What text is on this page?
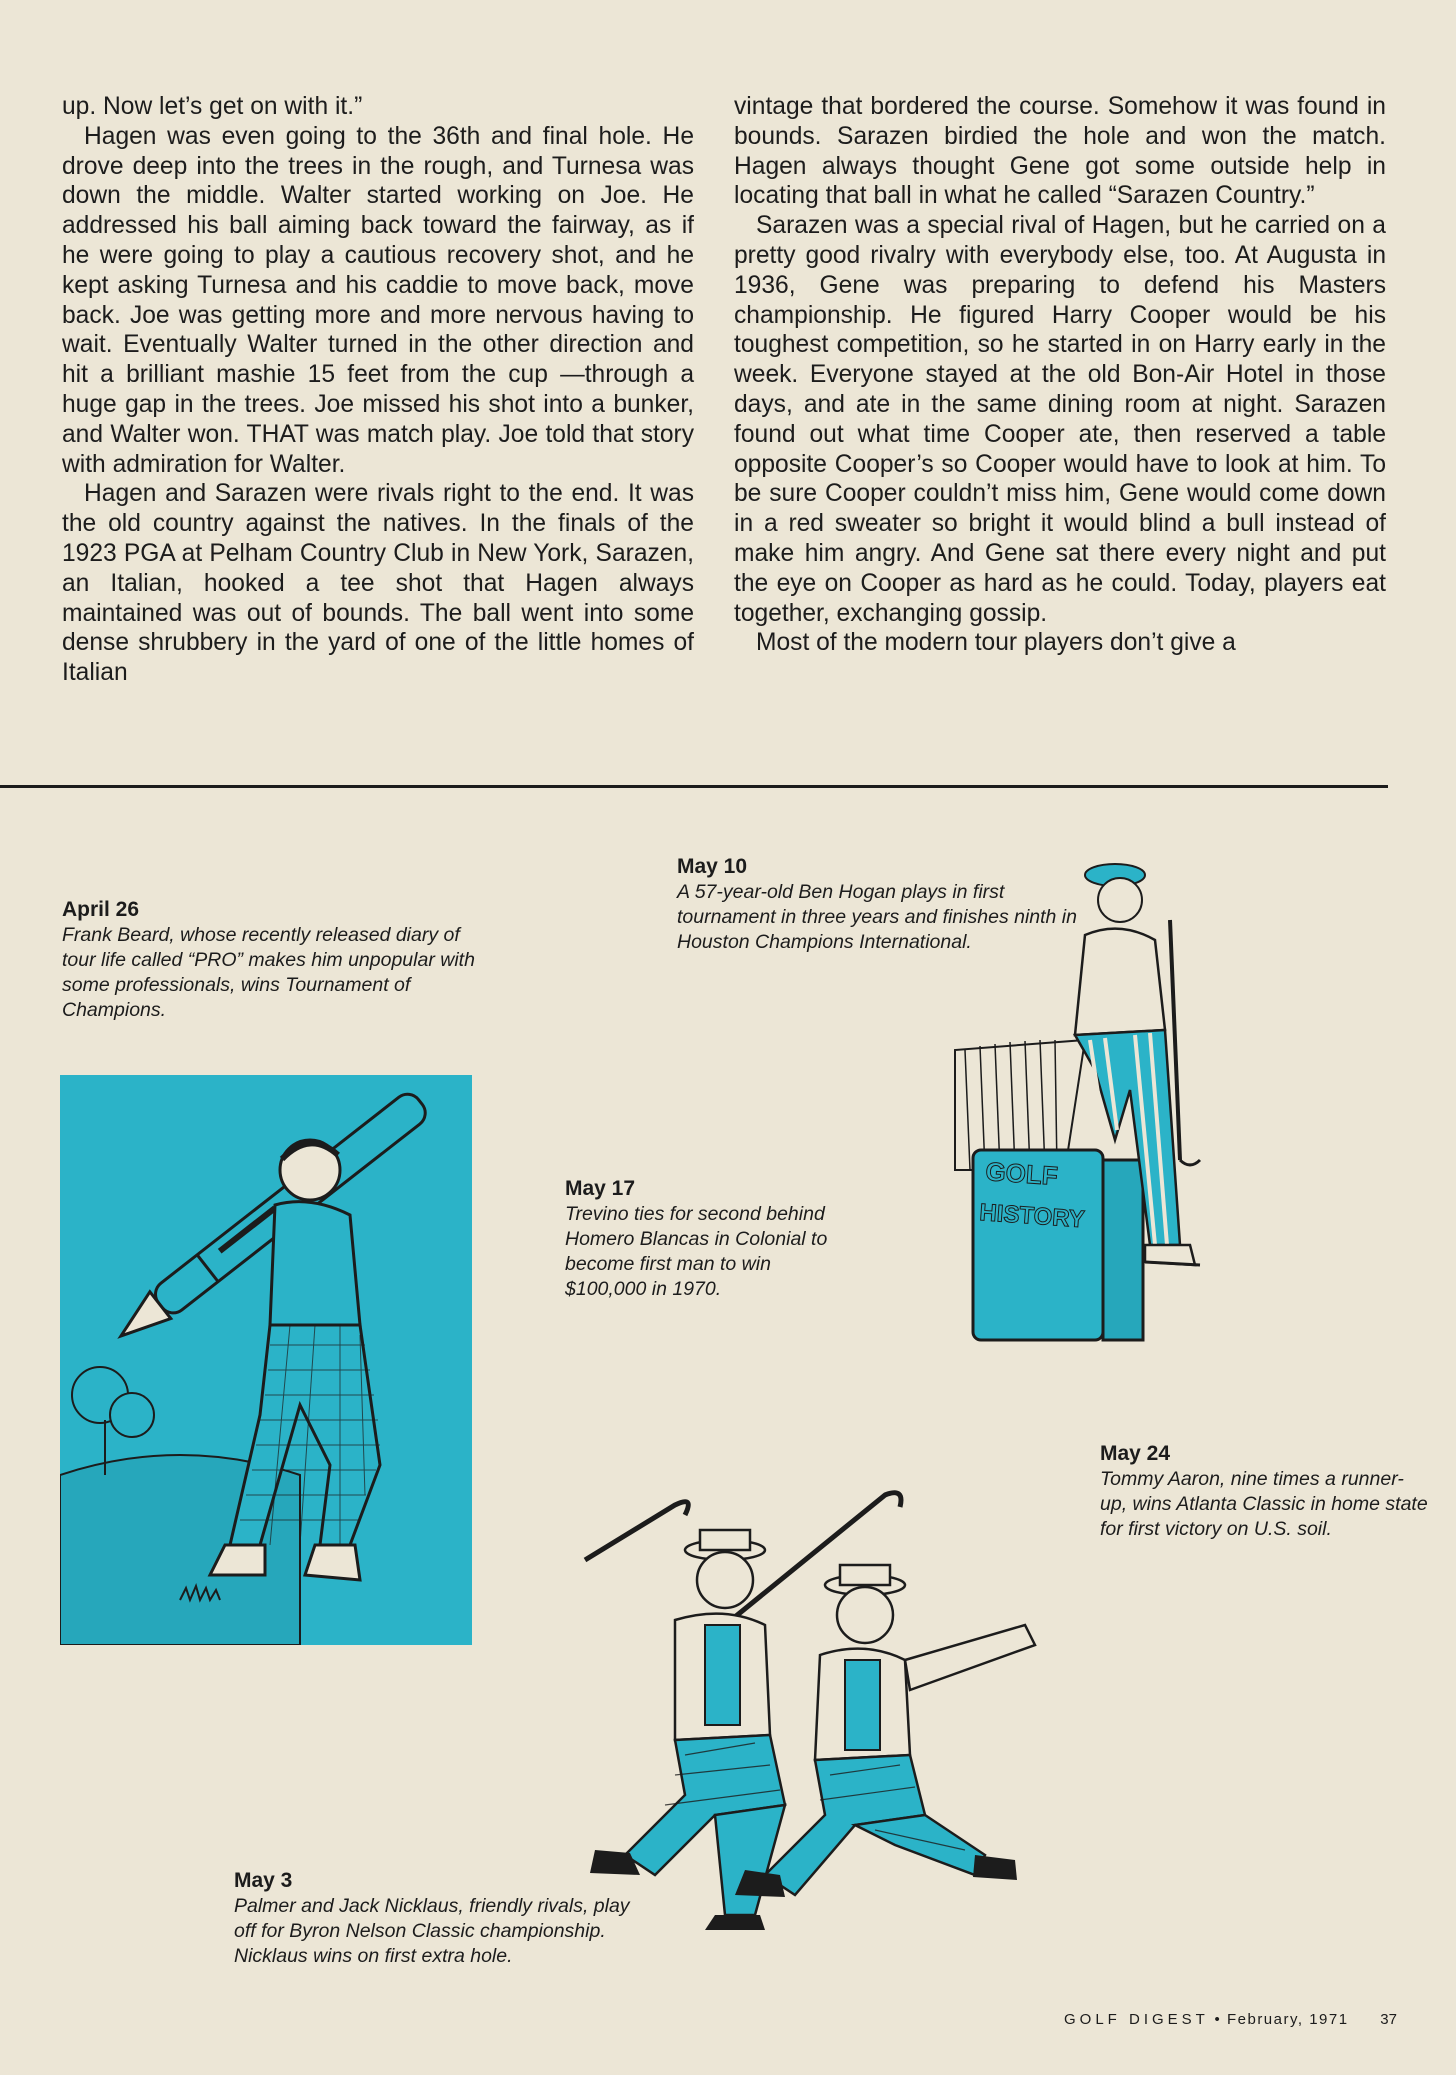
up. Now let’s get on with it.”

Hagen was even going to the 36th and final hole. He drove deep into the trees in the rough, and Turnesa was down the middle. Walter started working on Joe. He addressed his ball aiming back toward the fairway, as if he were going to play a cautious recovery shot, and he kept asking Turnesa and his caddie to move back, move back. Joe was getting more and more nervous having to wait. Eventually Walter turned in the other direction and hit a brilliant mashie 15 feet from the cup —through a huge gap in the trees. Joe missed his shot into a bunker, and Walter won. THAT was match play. Joe told that story with admiration for Walter.

Hagen and Sarazen were rivals right to the end. It was the old country against the natives. In the finals of the 1923 PGA at Pelham Country Club in New York, Sarazen, an Italian, hooked a tee shot that Hagen always maintained was out of bounds. The ball went into some dense shrubbery in the yard of one of the little homes of Italian

vintage that bordered the course. Somehow it was found in bounds. Sarazen birdied the hole and won the match. Hagen always thought Gene got some outside help in locating that ball in what he called “Sarazen Country.”

Sarazen was a special rival of Hagen, but he carried on a pretty good rivalry with everybody else, too. At Augusta in 1936, Gene was preparing to defend his Masters championship. He figured Harry Cooper would be his toughest competition, so he started in on Harry early in the week. Everyone stayed at the old Bon-Air Hotel in those days, and ate in the same dining room at night. Sarazen found out what time Cooper ate, then reserved a table opposite Cooper’s so Cooper would have to look at him. To be sure Cooper couldn’t miss him, Gene would come down in a red sweater so bright it would blind a bull instead of make him angry. And Gene sat there every night and put the eye on Cooper as hard as he could. Today, players eat together, exchanging gossip.

Most of the modern tour players don’t give a

GOLF
HISTORY
April 26
Frank Beard, whose recently released diary of tour life called “PRO” makes him unpopular with some professionals, wins Tournament of Champions.
May 10
A 57-year-old Ben Hogan plays in first tournament in three years and finishes ninth in Houston Champions International.
May 17
Trevino ties for second behind Homero Blancas in Colonial to become first man to win $100,000 in 1970.
May 24
Tommy Aaron, nine times a runner-up, wins Atlanta Classic in home state for first victory on U.S. soil.
May 3
Palmer and Jack Nicklaus, friendly rivals, play off for Byron Nelson Classic championship. Nicklaus wins on first extra hole.
GOLF DIGEST • February, 1971 37
